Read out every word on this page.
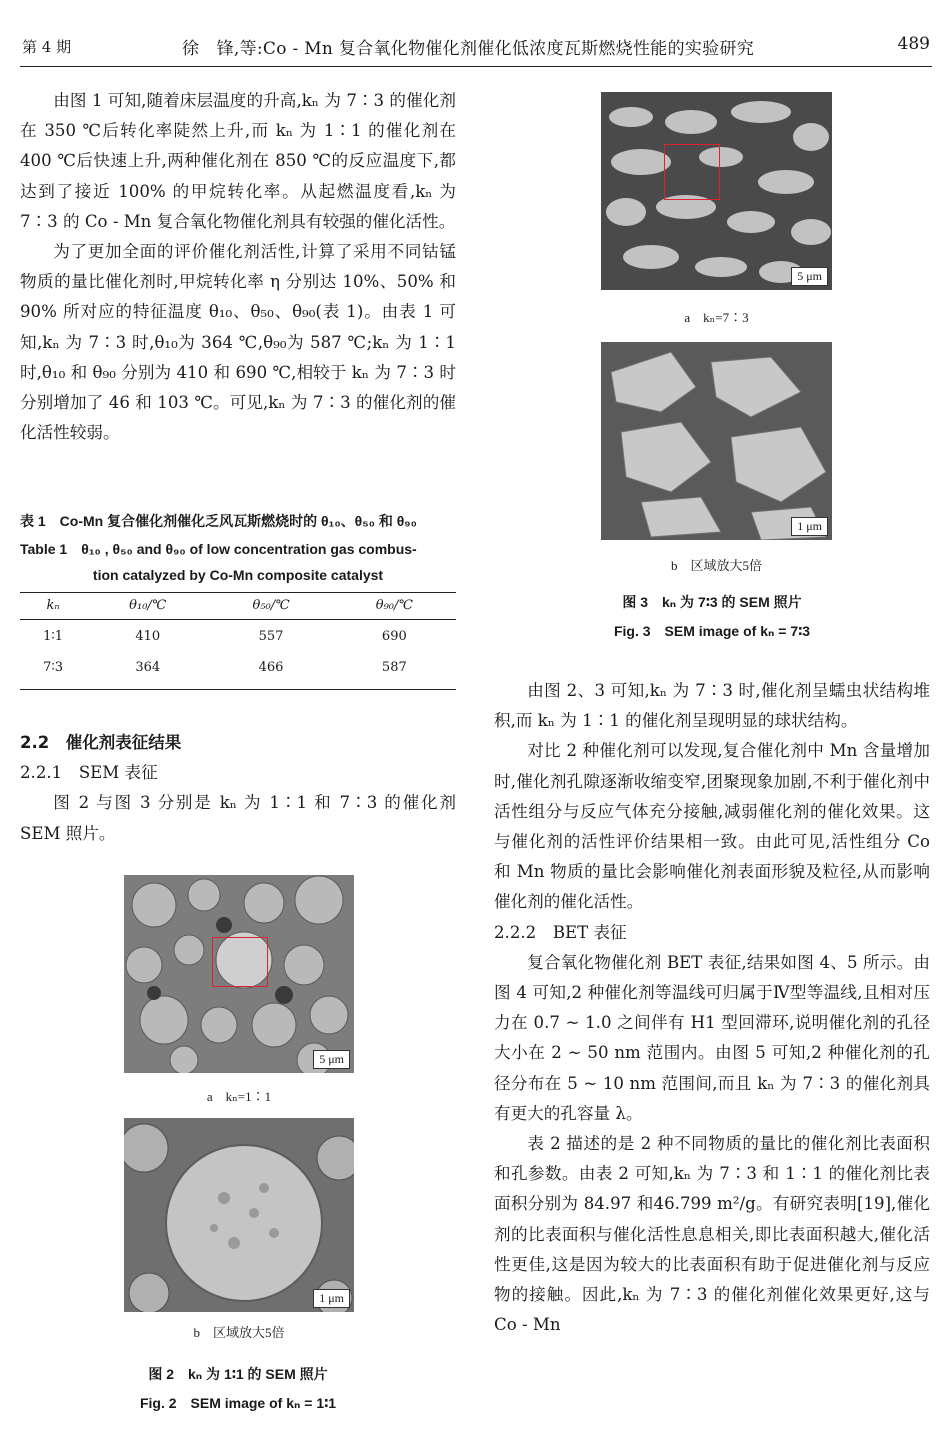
第 4 期	徐　锋,等:Co - Mn 复合氧化物催化剂催化低浓度瓦斯燃烧性能的实验研究	489

由图 1 可知,随着床层温度的升高,kₙ 为 7∶3 的催化剂在 350 ℃后转化率陡然上升,而 kₙ 为 1∶1 的催化剂在 400 ℃后快速上升,两种催化剂在 850 ℃的反应温度下,都达到了接近 100% 的甲烷转化率。从起燃温度看,kₙ 为 7∶3 的 Co - Mn 复合氧化物催化剂具有较强的催化活性。

为了更加全面的评价催化剂活性,计算了采用不同钴锰物质的量比催化剂时,甲烷转化率 η 分别达 10%、50% 和 90% 所对应的特征温度 θ₁₀、θ₅₀、θ₉₀(表 1)。由表 1 可知,kₙ 为 7∶3 时,θ₁₀为 364 ℃,θ₉₀为 587 ℃;kₙ 为 1∶1 时,θ₁₀ 和 θ₉₀ 分别为 410 和 690 ℃,相较于 kₙ 为 7∶3 时分别增加了 46 和 103 ℃。可见,kₙ 为 7∶3 的催化剂的催化活性较弱。

表 1　Co-Mn 复合催化剂催化乏风瓦斯燃烧时的 θ₁₀、θ₅₀ 和 θ₉₀
Table 1　θ₁₀ , θ₅₀ and θ₉₀ of low concentration gas combus-
tion catalyzed by Co-Mn composite catalyst
kₙ	θ₁₀/℃	θ₅₀/℃	θ₉₀/℃
1∶1	410	557	690
7∶3	364	466	587

2.2　催化剂表征结果

2.2.1　SEM 表征

图 2 与图 3 分别是 kₙ 为 1∶1 和 7∶3 的催化剂 SEM 照片。

5 μm
a　kₙ=1∶1
1 μm
b　区域放大5倍
图 2　kₙ 为 1∶1 的 SEM 照片
Fig. 2　SEM image of kₙ = 1∶1
5 μm
a　kₙ=7∶3
1 μm
b　区域放大5倍
图 3　kₙ 为 7∶3 的 SEM 照片
Fig. 3　SEM image of kₙ = 7∶3

由图 2、3 可知,kₙ 为 7∶3 时,催化剂呈蠕虫状结构堆积,而 kₙ 为 1∶1 的催化剂呈现明显的球状结构。

对比 2 种催化剂可以发现,复合催化剂中 Mn 含量增加时,催化剂孔隙逐渐收缩变窄,团聚现象加剧,不利于催化剂中活性组分与反应气体充分接触,减弱催化剂的催化效果。这与催化剂的活性评价结果相一致。由此可见,活性组分 Co 和 Mn 物质的量比会影响催化剂表面形貌及粒径,从而影响催化剂的催化活性。

2.2.2　BET 表征

复合氧化物催化剂 BET 表征,结果如图 4、5 所示。由图 4 可知,2 种催化剂等温线可归属于Ⅳ型等温线,且相对压力在 0.7 ~ 1.0 之间伴有 H1 型回滞环,说明催化剂的孔径大小在 2 ~ 50 nm 范围内。由图 5 可知,2 种催化剂的孔径分布在 5 ~ 10 nm 范围间,而且 kₙ 为 7∶3 的催化剂具有更大的孔容量 λ。

表 2 描述的是 2 种不同物质的量比的催化剂比表面积和孔参数。由表 2 可知,kₙ 为 7∶3 和 1∶1 的催化剂比表面积分别为 84.97 和46.799 m²/g。有研究表明[19],催化剂的比表面积与催化活性息息相关,即比表面积越大,催化活性更佳,这是因为较大的比表面积有助于促进催化剂与反应物的接触。因此,kₙ 为 7∶3 的催化剂催化效果更好,这与 Co - Mn
